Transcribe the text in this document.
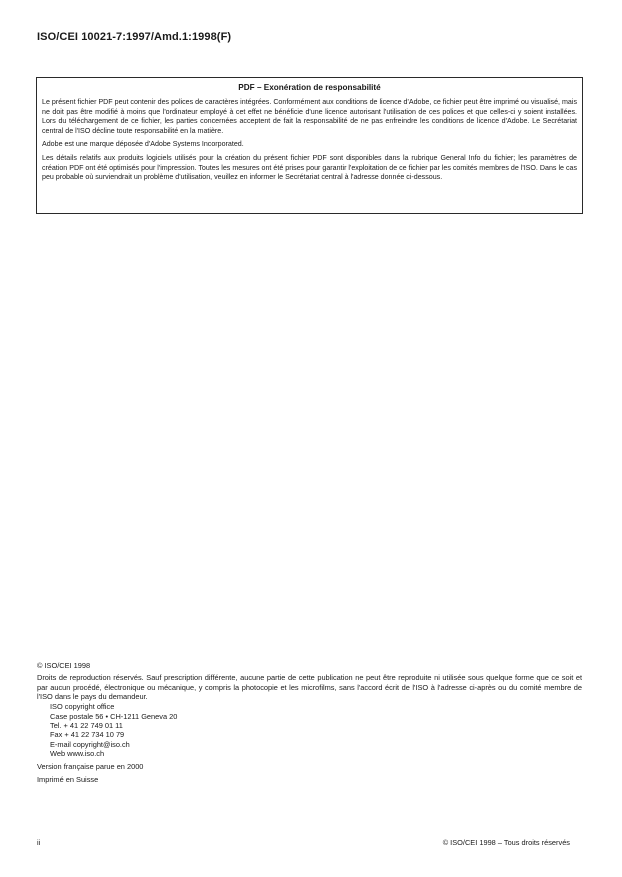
ISO/CEI 10021-7:1997/Amd.1:1998(F)
PDF – Exonération de responsabilité

Le présent fichier PDF peut contenir des polices de caractères intégrées. Conformément aux conditions de licence d'Adobe, ce fichier peut être imprimé ou visualisé, mais ne doit pas être modifié à moins que l'ordinateur employé à cet effet ne bénéficie d'une licence autorisant l'utilisation de ces polices et que celles-ci y soient installées. Lors du téléchargement de ce fichier, les parties concernées acceptent de fait la responsabilité de ne pas enfreindre les conditions de licence d'Adobe. Le Secrétariat central de l'ISO décline toute responsabilité en la matière.

Adobe est une marque déposée d'Adobe Systems Incorporated.

Les détails relatifs aux produits logiciels utilisés pour la création du présent fichier PDF sont disponibles dans la rubrique General Info du fichier; les paramètres de création PDF ont été optimisés pour l'impression. Toutes les mesures ont été prises pour garantir l'exploitation de ce fichier par les comités membres de l'ISO. Dans le cas peu probable où surviendrait un problème d'utilisation, veuillez en informer le Secrétariat central à l'adresse donnée ci-dessous.

© ISO/CEI 1998

Droits de reproduction réservés. Sauf prescription différente, aucune partie de cette publication ne peut être reproduite ni utilisée sous quelque forme que ce soit et par aucun procédé, électronique ou mécanique, y compris la photocopie et les microfilms, sans l'accord écrit de l'ISO à l'adresse ci-après ou du comité membre de l'ISO dans le pays du demandeur.

ISO copyright office
Case postale 56 • CH-1211 Geneva 20
Tel. + 41 22 749 01 11
Fax + 41 22 734 10 79
E-mail copyright@iso.ch
Web www.iso.ch

Version française parue en 2000

Imprimé en Suisse

ii	© ISO/CEI 1998 – Tous droits réservés
